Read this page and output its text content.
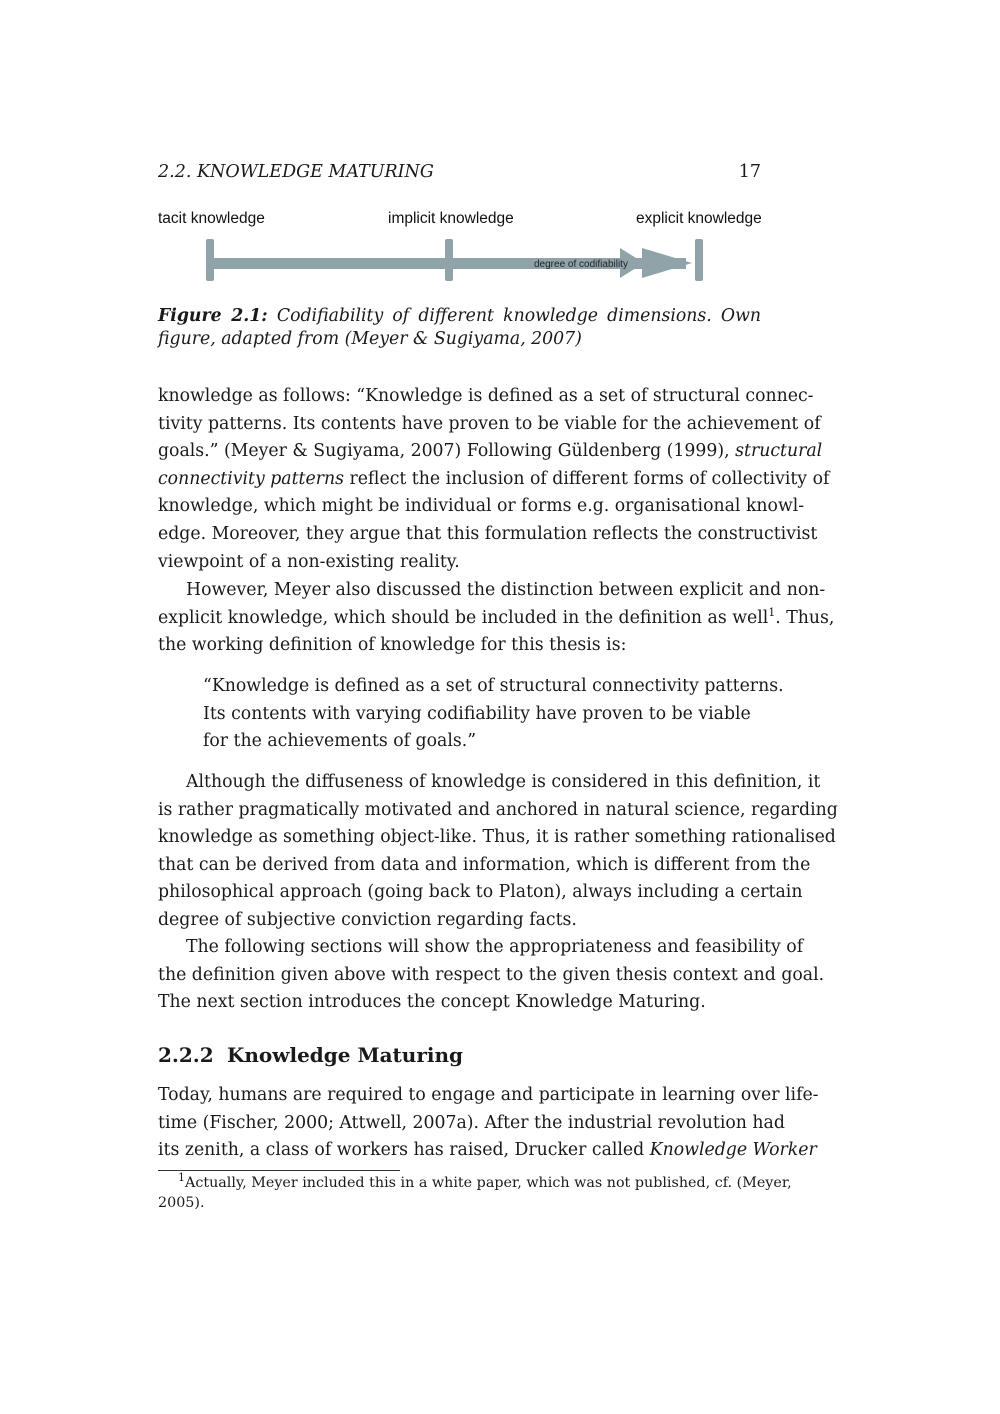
2.2. KNOWLEDGE MATURING	17
tacit knowledge	implicit knowledge	explicit knowledge
degree of codifiability
Figure 2.1: Codifiability of different knowledge dimensions. Own figure, adapted from (Meyer & Sugiyama, 2007)
knowledge as follows: “Knowledge is defined as a set of structural connec-
tivity patterns. Its contents have proven to be viable for the achievement of
goals.” (Meyer & Sugiyama, 2007) Following Güldenberg (1999), structural
connectivity patterns reflect the inclusion of different forms of collectivity of
knowledge, which might be individual or forms e.g. organisational knowl-
edge. Moreover, they argue that this formulation reflects the constructivist
viewpoint of a non-existing reality.
However, Meyer also discussed the distinction between explicit and non-
explicit knowledge, which should be included in the definition as well$^1$. Thus,
the working definition of knowledge for this thesis is:
“Knowledge is defined as a set of structural connectivity patterns.
Its contents with varying codifiability have proven to be viable
for the achievements of goals.”
Although the diffuseness of knowledge is considered in this definition, it
is rather pragmatically motivated and anchored in natural science, regarding
knowledge as something object-like. Thus, it is rather something rationalised
that can be derived from data and information, which is different from the
philosophical approach (going back to Platon), always including a certain
degree of subjective conviction regarding facts.
The following sections will show the appropriateness and feasibility of
the definition given above with respect to the given thesis context and goal.
The next section introduces the concept Knowledge Maturing.
2.2.2 Knowledge Maturing
Today, humans are required to engage and participate in learning over life-
time (Fischer, 2000; Attwell, 2007a). After the industrial revolution had
its zenith, a class of workers has raised, Drucker called Knowledge Worker
$^1$Actually, Meyer included this in a white paper, which was not published, cf. (Meyer,
2005).
